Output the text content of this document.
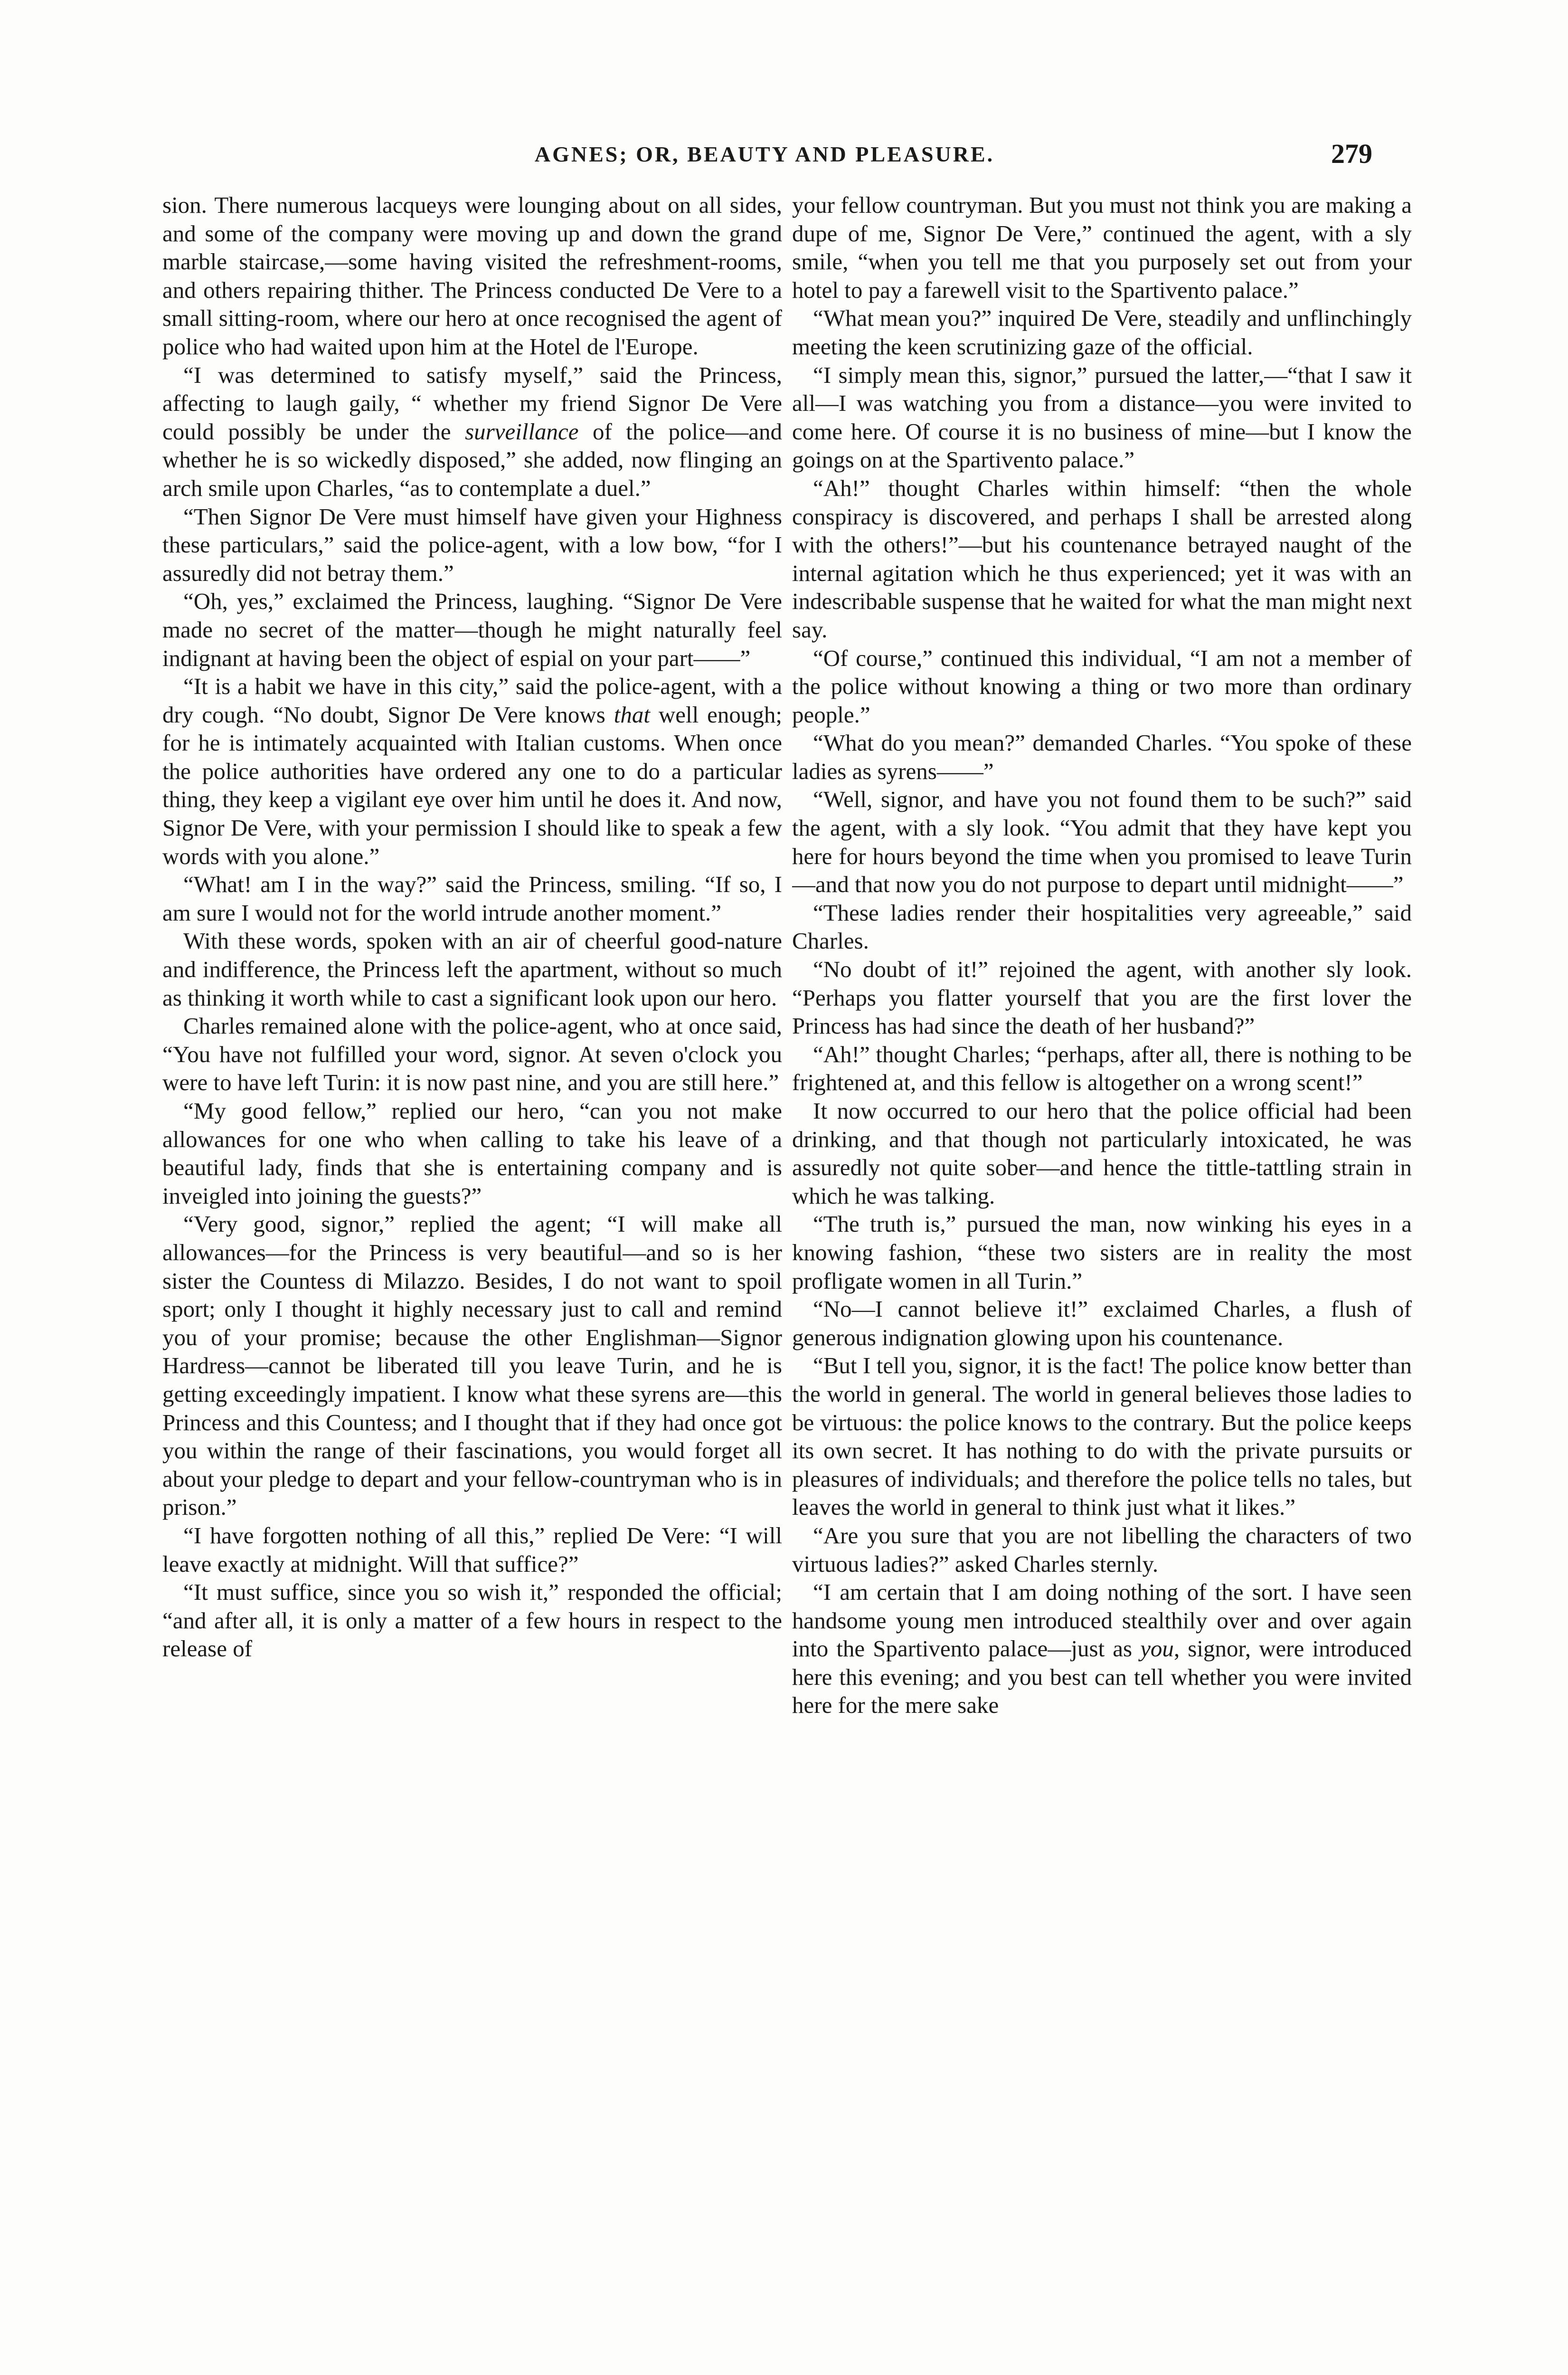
AGNES; OR, BEAUTY AND PLEASURE.	279

sion. There numerous lacqueys were lounging about on all sides, and some of the company were moving up and down the grand marble staircase,—some having visited the refreshment-rooms, and others repairing thither. The Princess conducted De Vere to a small sitting-room, where our hero at once recognised the agent of police who had waited upon him at the Hotel de l'Europe.

“I was determined to satisfy myself,” said the Princess, affecting to laugh gaily, “ whether my friend Signor De Vere could possibly be under the surveillance of the police—and whether he is so wickedly disposed,” she added, now flinging an arch smile upon Charles, “as to contemplate a duel.”

“Then Signor De Vere must himself have given your Highness these particulars,” said the police-agent, with a low bow, “for I assuredly did not betray them.”

“Oh, yes,” exclaimed the Princess, laughing. “Signor De Vere made no secret of the matter—though he might naturally feel indignant at having been the object of espial on your part——”

“It is a habit we have in this city,” said the police-agent, with a dry cough. “No doubt, Signor De Vere knows that well enough; for he is intimately acquainted with Italian customs. When once the police authorities have ordered any one to do a particular thing, they keep a vigilant eye over him until he does it. And now, Signor De Vere, with your permission I should like to speak a few words with you alone.”

“What! am I in the way?” said the Princess, smiling. “If so, I am sure I would not for the world intrude another moment.”

With these words, spoken with an air of cheerful good-nature and indifference, the Princess left the apartment, without so much as thinking it worth while to cast a significant look upon our hero.

Charles remained alone with the police-agent, who at once said, “You have not fulfilled your word, signor. At seven o'clock you were to have left Turin: it is now past nine, and you are still here.”

“My good fellow,” replied our hero, “can you not make allowances for one who when calling to take his leave of a beautiful lady, finds that she is entertaining company and is inveigled into joining the guests?”

“Very good, signor,” replied the agent; “I will make all allowances—for the Princess is very beautiful—and so is her sister the Countess di Milazzo. Besides, I do not want to spoil sport; only I thought it highly necessary just to call and remind you of your promise; because the other Englishman—Signor Hardress—cannot be liberated till you leave Turin, and he is getting exceedingly impatient. I know what these syrens are—this Princess and this Countess; and I thought that if they had once got you within the range of their fascinations, you would forget all about your pledge to depart and your fellow-countryman who is in prison.”

“I have forgotten nothing of all this,” replied De Vere: “I will leave exactly at midnight. Will that suffice?”

“It must suffice, since you so wish it,” responded the official; “and after all, it is only a matter of a few hours in respect to the release of

your fellow countryman. But you must not think you are making a dupe of me, Signor De Vere,” continued the agent, with a sly smile, “when you tell me that you purposely set out from your hotel to pay a farewell visit to the Spartivento palace.”

“What mean you?” inquired De Vere, steadily and unflinchingly meeting the keen scrutinizing gaze of the official.

“I simply mean this, signor,” pursued the latter,—“that I saw it all—I was watching you from a distance—you were invited to come here. Of course it is no business of mine—but I know the goings on at the Spartivento palace.”

“Ah!” thought Charles within himself: “then the whole conspiracy is discovered, and perhaps I shall be arrested along with the others!”—but his countenance betrayed naught of the internal agitation which he thus experienced; yet it was with an indescribable suspense that he waited for what the man might next say.

“Of course,” continued this individual, “I am not a member of the police without knowing a thing or two more than ordinary people.”

“What do you mean?” demanded Charles. “You spoke of these ladies as syrens——”

“Well, signor, and have you not found them to be such?” said the agent, with a sly look. “You admit that they have kept you here for hours beyond the time when you promised to leave Turin—and that now you do not purpose to depart until midnight——”

“These ladies render their hospitalities very agreeable,” said Charles.

“No doubt of it!” rejoined the agent, with another sly look. “Perhaps you flatter yourself that you are the first lover the Princess has had since the death of her husband?”

“Ah!” thought Charles; “perhaps, after all, there is nothing to be frightened at, and this fellow is altogether on a wrong scent!”

It now occurred to our hero that the police official had been drinking, and that though not particularly intoxicated, he was assuredly not quite sober—and hence the tittle-tattling strain in which he was talking.

“The truth is,” pursued the man, now winking his eyes in a knowing fashion, “these two sisters are in reality the most profligate women in all Turin.”

“No—I cannot believe it!” exclaimed Charles, a flush of generous indignation glowing upon his countenance.

“But I tell you, signor, it is the fact! The police know better than the world in general. The world in general believes those ladies to be virtuous: the police knows to the contrary. But the police keeps its own secret. It has nothing to do with the private pursuits or pleasures of individuals; and therefore the police tells no tales, but leaves the world in general to think just what it likes.”

“Are you sure that you are not libelling the characters of two virtuous ladies?” asked Charles sternly.

“I am certain that I am doing nothing of the sort. I have seen handsome young men introduced stealthily over and over again into the Spartivento palace—just as you, signor, were introduced here this evening; and you best can tell whether you were invited here for the mere sake
